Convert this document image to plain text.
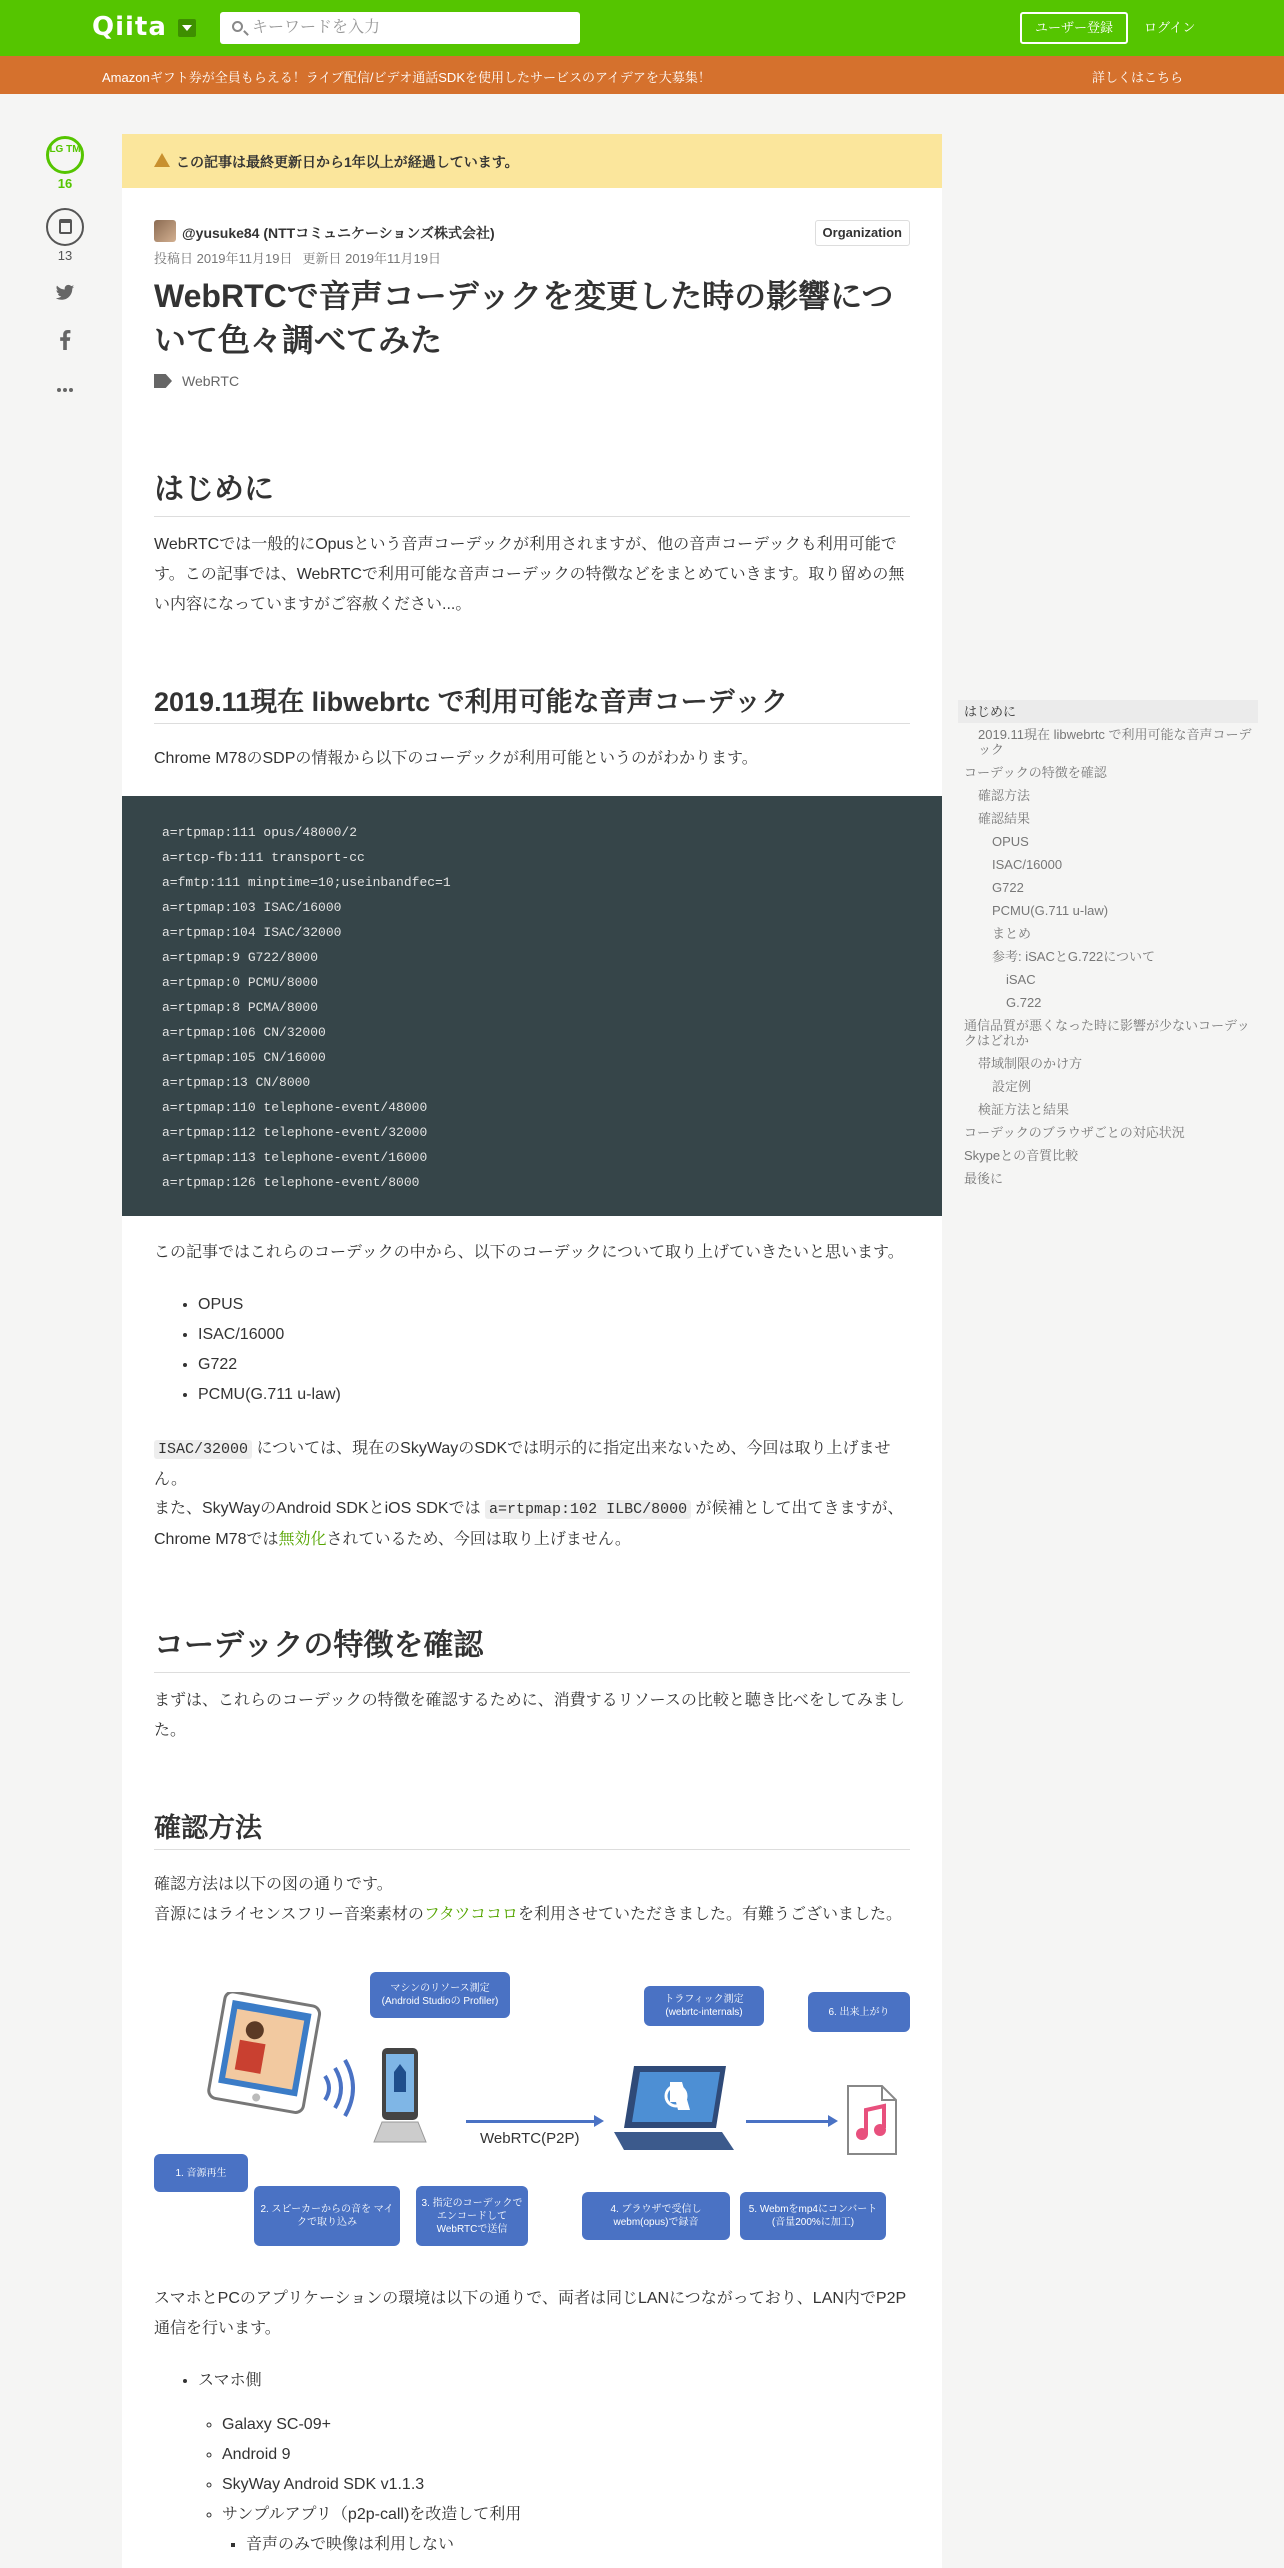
Qiita
キーワードを入力	ユーザー登録	ログイン
Amazonギフト券が全員もらえる！ライブ配信/ビデオ通話SDKを使用したサービスのアイデアを大募集！	詳しくはこちら
LG TM
16
13
この記事は最終更新日から1年以上が経過しています。
@yusuke84 (NTTコミュニケーションズ株式会社)	Organization
投稿日 2019年11月19日 更新日 2019年11月19日
WebRTCで音声コーデックを変更した時の影響について色々調べてみた
WebRTC
はじめに

WebRTCでは一般的にOpusという音声コーデックが利用されますが、他の音声コーデックも利用可能です。この記事では、WebRTCで利用可能な音声コーデックの特徴などをまとめていきます。取り留めの無い内容になっていますがご容赦ください...。

2019.11現在 libwebrtc で利用可能な音声コーデック

Chrome M78のSDPの情報から以下のコーデックが利用可能というのがわかります。

a=rtpmap:111 opus/48000/2
a=rtcp-fb:111 transport-cc
a=fmtp:111 minptime=10;useinbandfec=1
a=rtpmap:103 ISAC/16000
a=rtpmap:104 ISAC/32000
a=rtpmap:9 G722/8000
a=rtpmap:0 PCMU/8000
a=rtpmap:8 PCMA/8000
a=rtpmap:106 CN/32000
a=rtpmap:105 CN/16000
a=rtpmap:13 CN/8000
a=rtpmap:110 telephone-event/48000
a=rtpmap:112 telephone-event/32000
a=rtpmap:113 telephone-event/16000
a=rtpmap:126 telephone-event/8000

この記事ではこれらのコーデックの中から、以下のコーデックについて取り上げていきたいと思います。

• OPUS
• ISAC/16000
• G722
• PCMU(G.711 u-law)

ISAC/32000 については、現在のSkyWayのSDKでは明示的に指定出来ないため、今回は取り上げません。

また、SkyWayのAndroid SDKとiOS SDKでは a=rtpmap:102 ILBC/8000 が候補として出てきますが、Chrome M78では無効化されているため、今回は取り上げません。

コーデックの特徴を確認

まずは、これらのコーデックの特徴を確認するために、消費するリソースの比較と聴き比べをしてみました。

確認方法

確認方法は以下の図の通りです。

音源にはライセンスフリー音楽素材のフタツココロを利用させていただきました。有難うございました。

WebRTC(P2P)
マシンのリソース測定 (Android Studioの Profiler)	トラフィック測定 (webrtc-internals)	6. 出来上がり
1. 音源再生
2. スピーカーからの音を マイクで取り込み
3. 指定のコーデックでエンコードしてWebRTCで送信
4. ブラウザで受信し webm(opus)で録音
5. Webmをmp4にコンバート(音量200%に加工)

スマホとPCのアプリケーションの環境は以下の通りで、両者は同じLANにつながっており、LAN内でP2P通信を行います。

• スマホ側
◦ Galaxy SC-09+
◦ Android 9
◦ SkyWay Android SDK v1.1.3
◦ サンプルアプリ（p2p-call)を改造して利用
▪ 音声のみで映像は利用しない
はじめに
2019.11現在 libwebrtc で利用可能な音声コーデック
コーデックの特徴を確認
確認方法
確認結果
OPUS
ISAC/16000
G722
PCMU(G.711 u-law)
まとめ
参考: iSACとG.722について
iSAC
G.722
通信品質が悪くなった時に影響が少ないコーデックはどれか
帯域制限のかけ方
設定例
検証方法と結果
コーデックのブラウザごとの対応状況
Skypeとの音質比較
最後に
